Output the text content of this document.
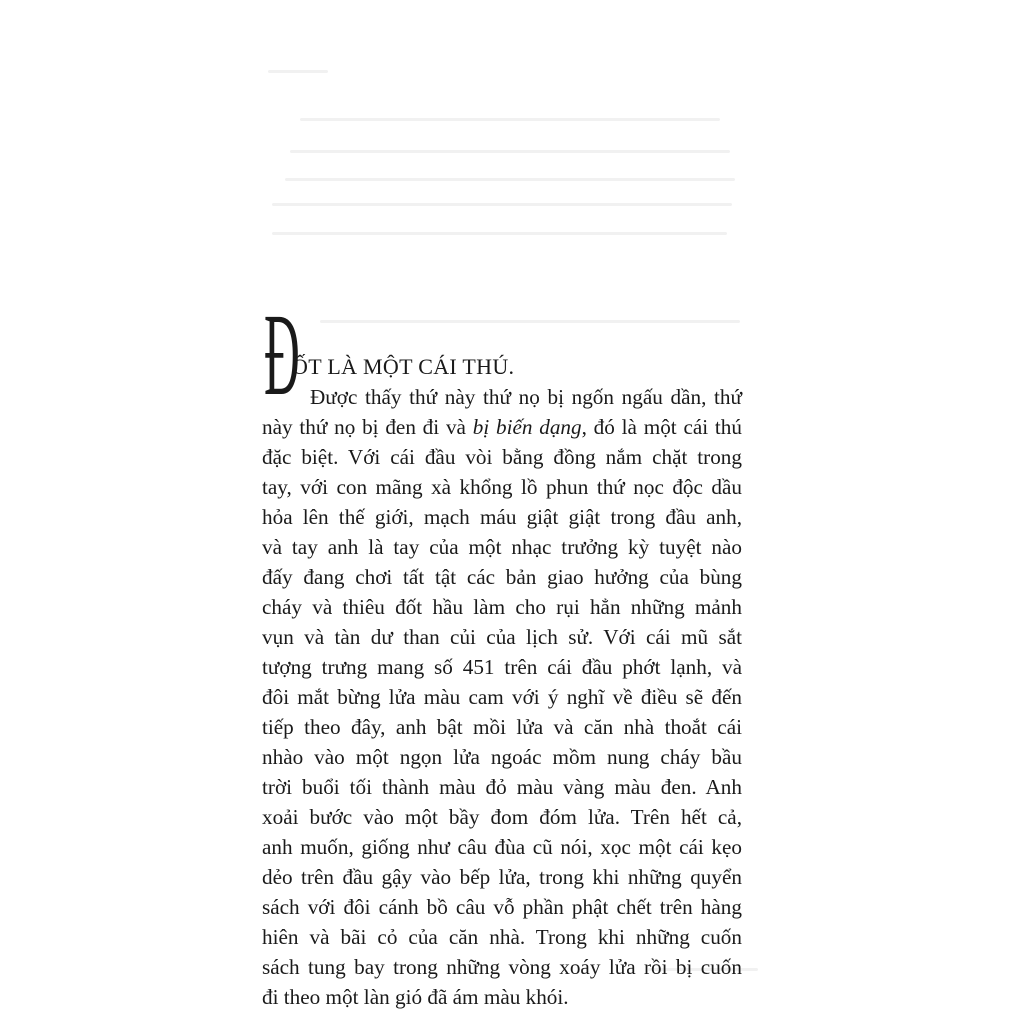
Đ
ỐT LÀ MỘT CÁI THÚ.
Được thấy thứ này thứ nọ bị ngốn ngấu dần, thứ
này thứ nọ bị đen đi và bị biến dạng, đó là một cái thú
đặc biệt. Với cái đầu vòi bằng đồng nắm chặt trong
tay, với con mãng xà khổng lồ phun thứ nọc độc dầu
hỏa lên thế giới, mạch máu giật giật trong đầu anh,
và tay anh là tay của một nhạc trưởng kỳ tuyệt nào
đấy đang chơi tất tật các bản giao hưởng của bùng
cháy và thiêu đốt hầu làm cho rụi hẳn những mảnh
vụn và tàn dư than củi của lịch sử. Với cái mũ sắt
tượng trưng mang số 451 trên cái đầu phớt lạnh, và
đôi mắt bừng lửa màu cam với ý nghĩ về điều sẽ đến
tiếp theo đây, anh bật mồi lửa và căn nhà thoắt cái
nhào vào một ngọn lửa ngoác mồm nung cháy bầu
trời buổi tối thành màu đỏ màu vàng màu đen. Anh
xoải bước vào một bầy đom đóm lửa. Trên hết cả,
anh muốn, giống như câu đùa cũ nói, xọc một cái kẹo
dẻo trên đầu gậy vào bếp lửa, trong khi những quyển
sách với đôi cánh bồ câu vỗ phần phật chết trên hàng
hiên và bãi cỏ của căn nhà. Trong khi những cuốn
sách tung bay trong những vòng xoáy lửa rồi bị cuốn
đi theo một làn gió đã ám màu khói.
